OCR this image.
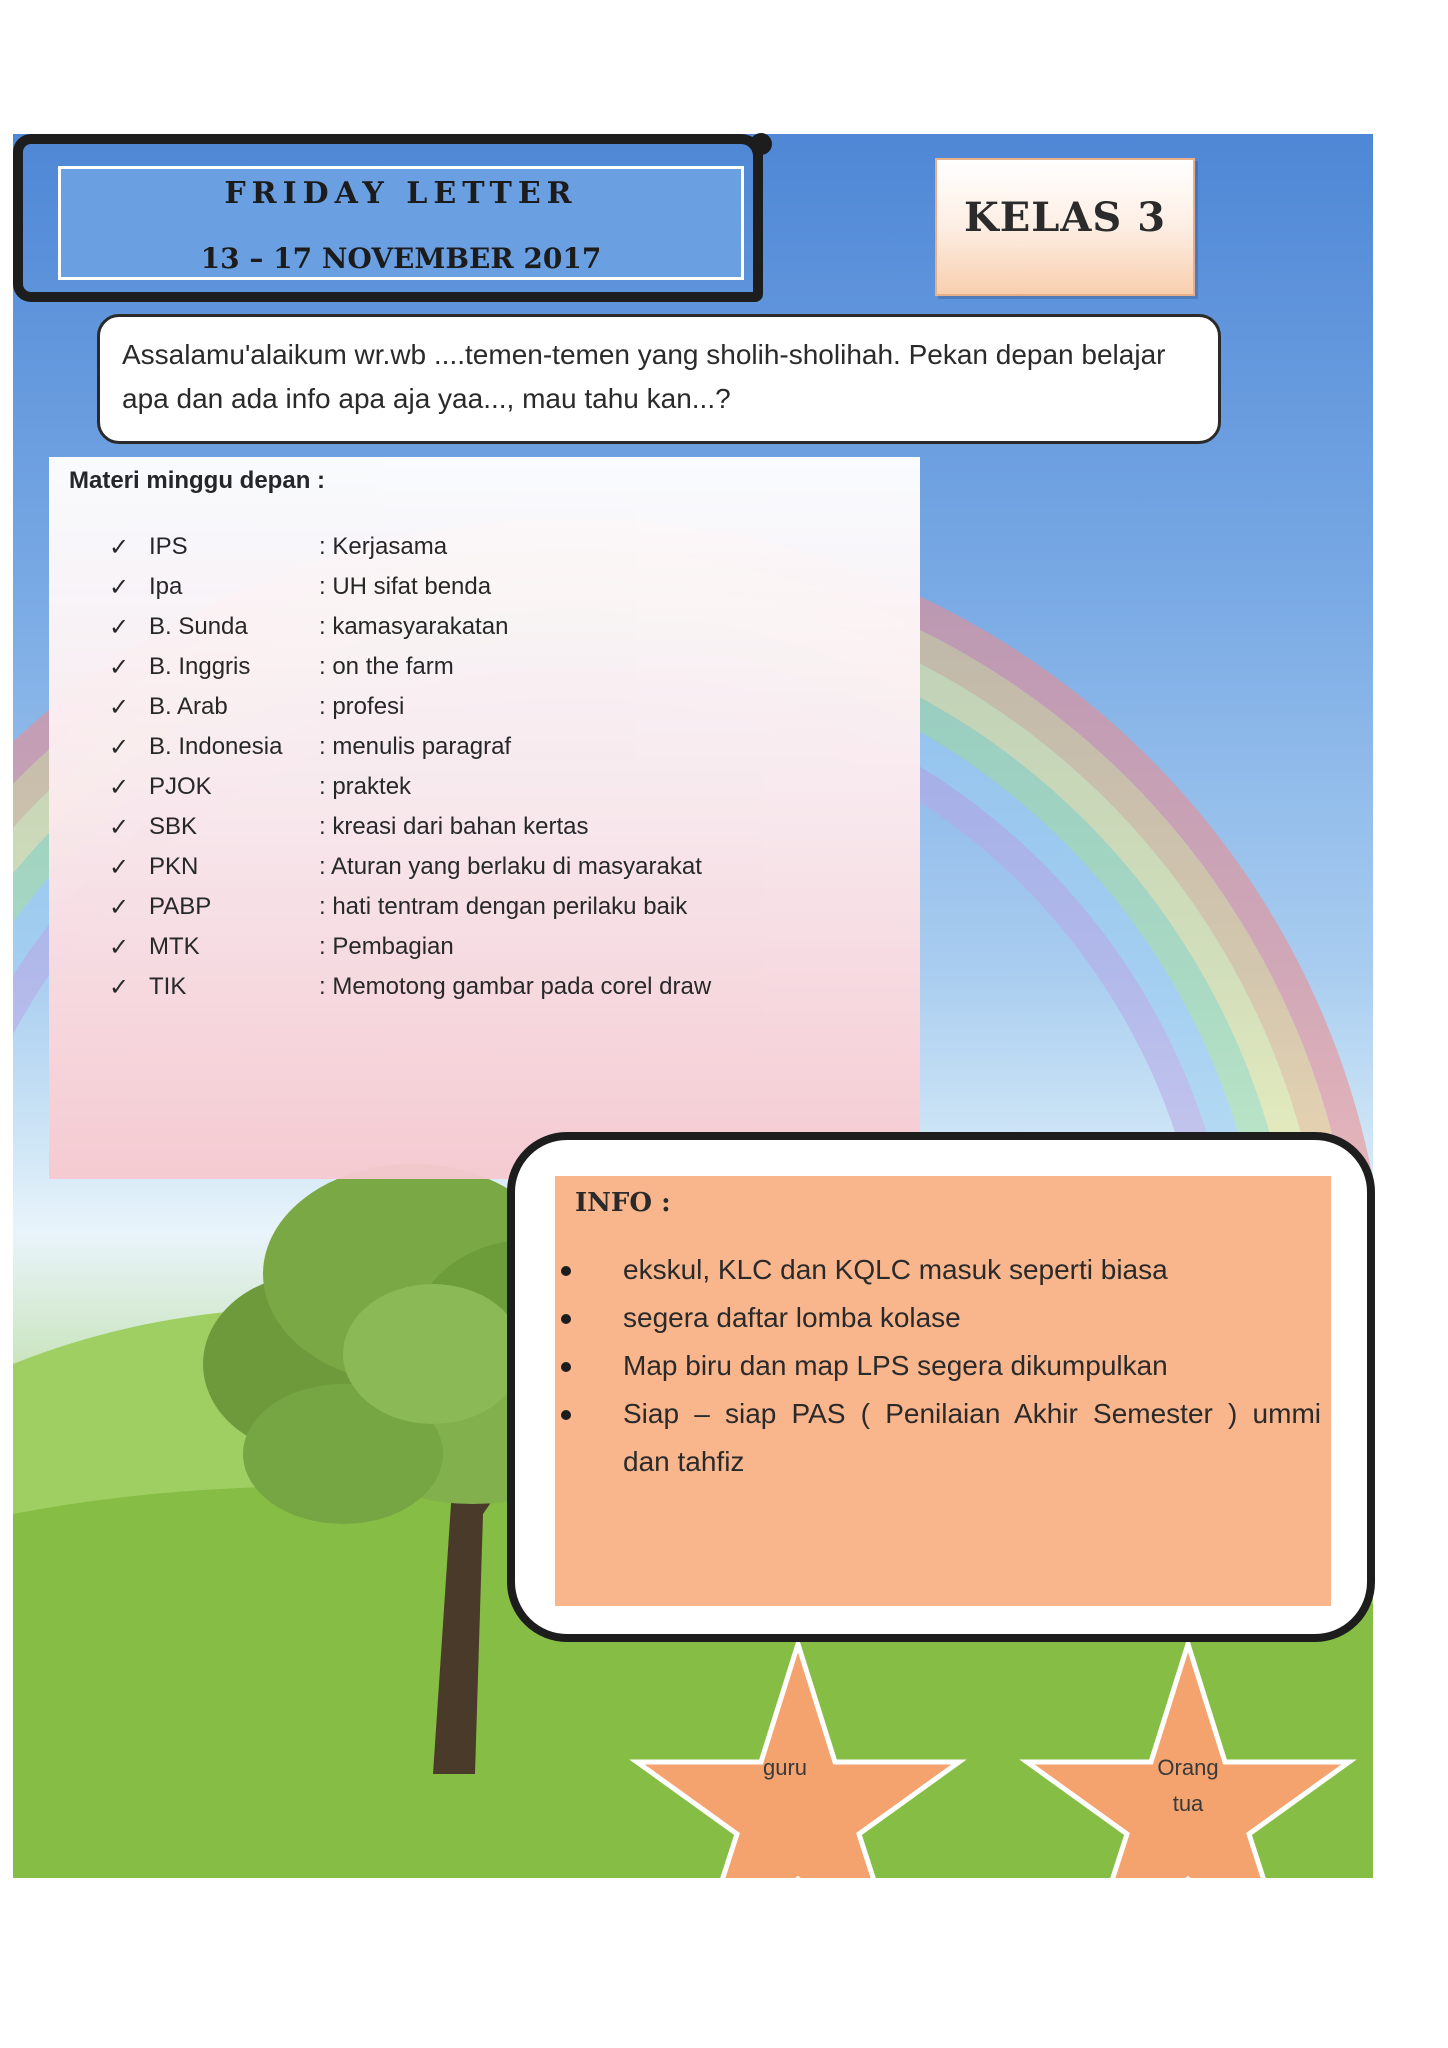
FRIDAY LETTER
13 – 17 NOVEMBER 2017
KELAS 3
Assalamu'alaikum wr.wb ....temen-temen yang sholih-sholihah. Pekan depan belajar apa dan ada info apa aja yaa..., mau tahu kan...?
Materi minggu depan :
✓ IPS	: Kerjasama
✓ Ipa	: UH sifat benda
✓ B. Sunda	: kamasyarakatan
✓ B. Inggris	: on the farm
✓ B. Arab	: profesi
✓ B. Indonesia	: menulis paragraf
✓ PJOK	: praktek
✓ SBK	: kreasi dari bahan kertas
✓ PKN	: Aturan yang berlaku di masyarakat
✓ PABP	: hati tentram dengan perilaku baik
✓ MTK	: Pembagian
✓ TIK	: Memotong gambar pada corel draw
INFO :
ekskul, KLC dan KQLC masuk seperti biasa
segera daftar lomba kolase
Map biru dan map LPS segera dikumpulkan
Siap – siap PAS ( Penilaian Akhir Semester ) ummi
dan tahfiz
guru	Orang
tua
